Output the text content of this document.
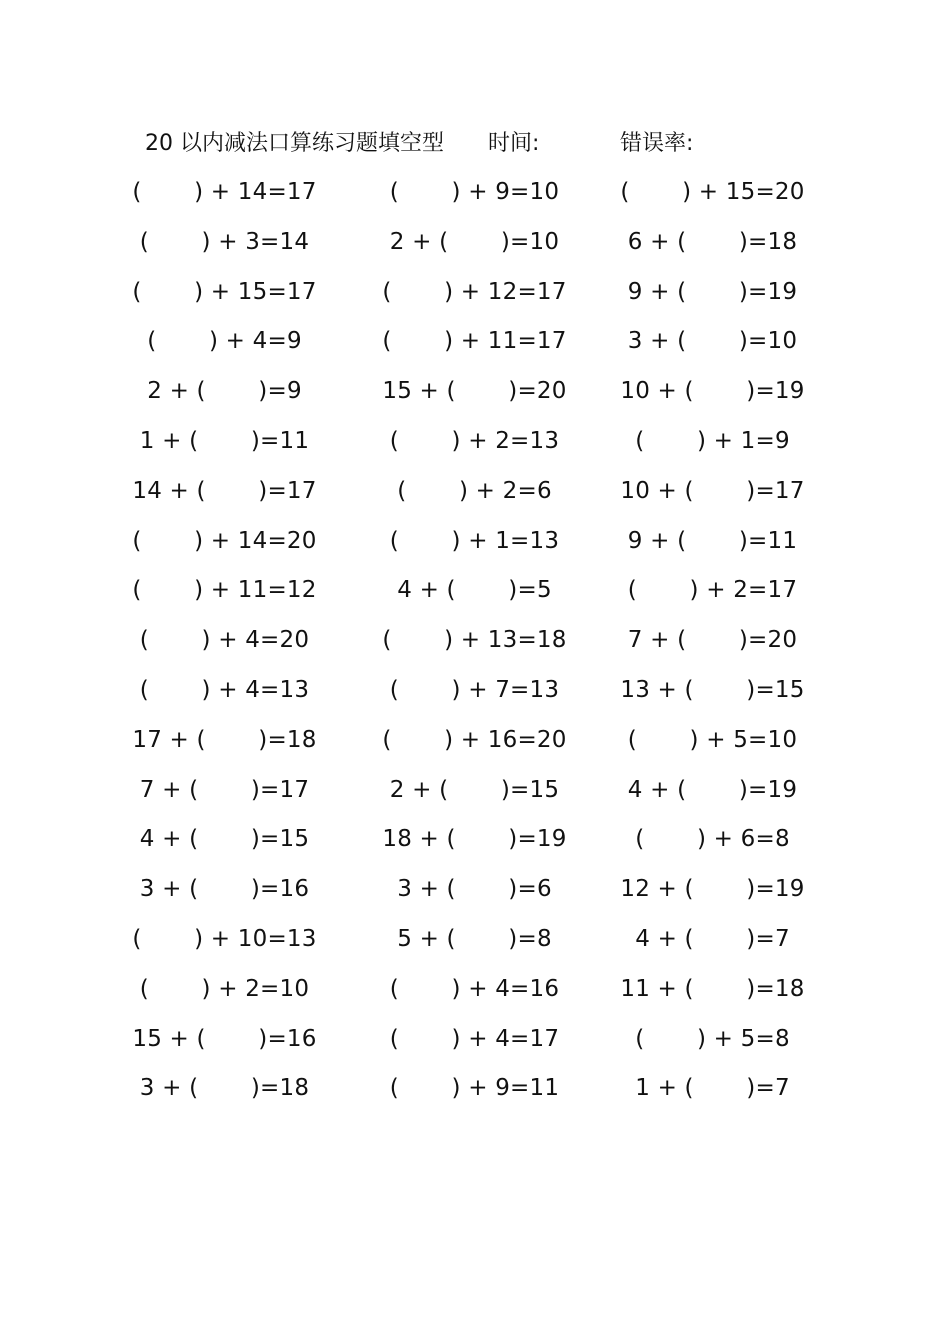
20 以内减法口算练习题填空型 时间:	错误率:
(       ) + 14=17	(       ) + 9=10	(       ) + 15=20
(       ) + 3=14	2 + (       )=10	6 + (       )=18
(       ) + 15=17	(       ) + 12=17	9 + (       )=19
(       ) + 4=9	(       ) + 11=17	3 + (       )=10
2 + (       )=9	15 + (       )=20	10 + (       )=19
1 + (       )=11	(       ) + 2=13	(       ) + 1=9
14 + (       )=17	(       ) + 2=6	10 + (       )=17
(       ) + 14=20	(       ) + 1=13	9 + (       )=11
(       ) + 11=12	4 + (       )=5	(       ) + 2=17
(       ) + 4=20	(       ) + 13=18	7 + (       )=20
(       ) + 4=13	(       ) + 7=13	13 + (       )=15
17 + (       )=18	(       ) + 16=20	(       ) + 5=10
7 + (       )=17	2 + (       )=15	4 + (       )=19
4 + (       )=15	18 + (       )=19	(       ) + 6=8
3 + (       )=16	3 + (       )=6	12 + (       )=19
(       ) + 10=13	5 + (       )=8	4 + (       )=7
(       ) + 2=10	(       ) + 4=16	11 + (       )=18
15 + (       )=16	(       ) + 4=17	(       ) + 5=8
3 + (       )=18	(       ) + 9=11	1 + (       )=7
